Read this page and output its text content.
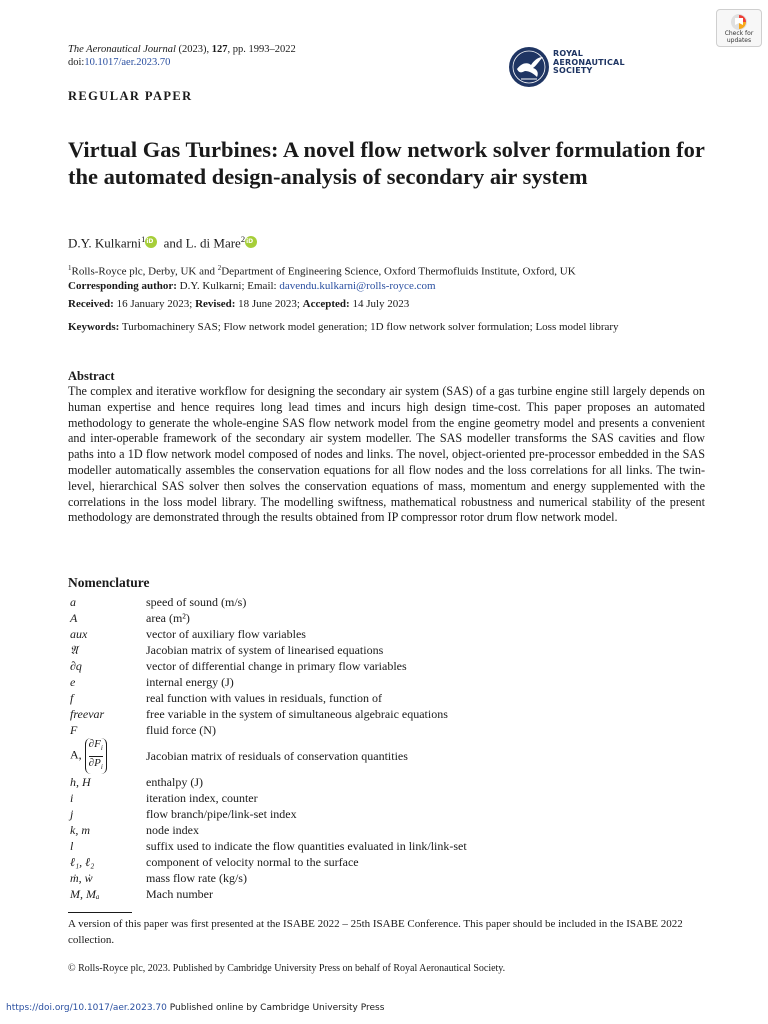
The Aeronautical Journal (2023), 127, pp. 1993–2022
doi:10.1017/aer.2023.70
Check for
updates
ROYAL
AERONAUTICAL
SOCIETY
REGULAR PAPER
Virtual Gas Turbines: A novel flow network solver formulation for the automated design-analysis of secondary air system
D.Y. Kulkarni$^1$iD and L. di Mare$^2$iD
$^1$Rolls-Royce plc, Derby, UK and $^2$Department of Engineering Science, Oxford Thermofluids Institute, Oxford, UK
Corresponding author: D.Y. Kulkarni; Email: davendu.kulkarni@rolls-royce.com
Received: 16 January 2023; Revised: 18 June 2023; Accepted: 14 July 2023
Keywords: Turbomachinery SAS; Flow network model generation; 1D flow network solver formulation; Loss model library
Abstract
The complex and iterative workflow for designing the secondary air system (SAS) of a gas turbine engine still largely depends on human expertise and hence requires long lead times and incurs high design time-cost. This paper proposes an automated methodology to generate the whole-engine SAS flow network model from the engine geometry model and presents a convenient and inter-operable framework of the secondary air system modeller. The SAS modeller transforms the SAS cavities and flow paths into a 1D flow network model composed of nodes and links. The novel, object-oriented pre-processor embedded in the SAS modeller automatically assembles the conservation equations for all flow nodes and the loss correlations for all links. The twin-level, hierarchical SAS solver then solves the conservation equations of mass, momentum and energy supplemented with the correlations in the loss model library. The modelling swiftness, mathematical robustness and numerical stability of the present methodology are demonstrated through the results obtained from IP compressor rotor drum flow network model.
Nomenclature
a	speed of sound (m/s)
A	area (m²)
aux	vector of auxiliary flow variables
𝔄	Jacobian matrix of system of linearised equations
∂q	vector of differential change in primary flow variables
e	internal energy (J)
f	real function with values in residuals, function of
freevar	free variable in the system of simultaneous algebraic equations
F	fluid force (N)
A, $\frac{\partial F_i}{\partial P_i}$	Jacobian matrix of residuals of conservation quantities
h, H	enthalpy (J)
i	iteration index, counter
j	flow branch/pipe/link-set index
k, m	node index
l	suffix used to indicate the flow quantities evaluated in link/link-set
ℓ₁, ℓ₂	component of velocity normal to the surface
ṁ, ẇ	mass flow rate (kg/s)
M, Mₐ	Mach number
A version of this paper was first presented at the ISABE 2022 – 25th ISABE Conference. This paper should be included in the ISABE 2022 collection.
© Rolls-Royce plc, 2023. Published by Cambridge University Press on behalf of Royal Aeronautical Society.
https://doi.org/10.1017/aer.2023.70 Published online by Cambridge University Press
